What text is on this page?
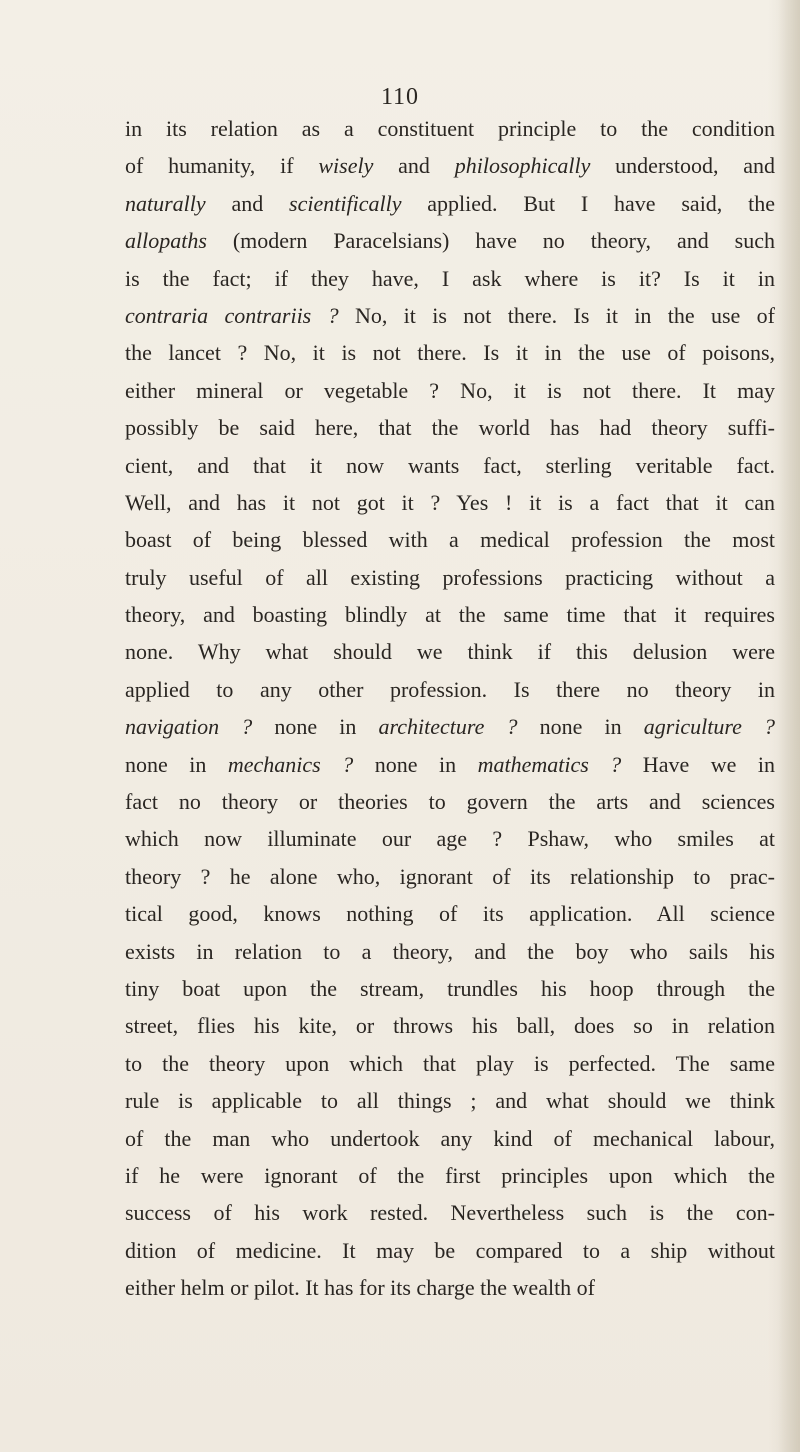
110
in its relation as a constituent principle to the condition
of humanity, if wisely and philosophically understood, and
naturally and scientifically applied. But I have said, the
allopaths (modern Paracelsians) have no theory, and such
is the fact; if they have, I ask where is it? Is it in
contraria contrariis ? No, it is not there. Is it in the use of
the lancet ? No, it is not there. Is it in the use of poisons,
either mineral or vegetable ? No, it is not there. It may
possibly be said here, that the world has had theory suffi-
cient, and that it now wants fact, sterling veritable fact.
Well, and has it not got it ? Yes ! it is a fact that it can
boast of being blessed with a medical profession the most
truly useful of all existing professions practicing without a
theory, and boasting blindly at the same time that it requires
none. Why what should we think if this delusion were
applied to any other profession. Is there no theory in
navigation ? none in architecture ? none in agriculture ?
none in mechanics ? none in mathematics ? Have we in
fact no theory or theories to govern the arts and sciences
which now illuminate our age ? Pshaw, who smiles at
theory ? he alone who, ignorant of its relationship to prac-
tical good, knows nothing of its application. All science
exists in relation to a theory, and the boy who sails his
tiny boat upon the stream, trundles his hoop through the
street, flies his kite, or throws his ball, does so in relation
to the theory upon which that play is perfected. The same
rule is applicable to all things ; and what should we think
of the man who undertook any kind of mechanical labour,
if he were ignorant of the first principles upon which the
success of his work rested. Nevertheless such is the con-
dition of medicine. It may be compared to a ship without
either helm or pilot. It has for its charge the wealth of
